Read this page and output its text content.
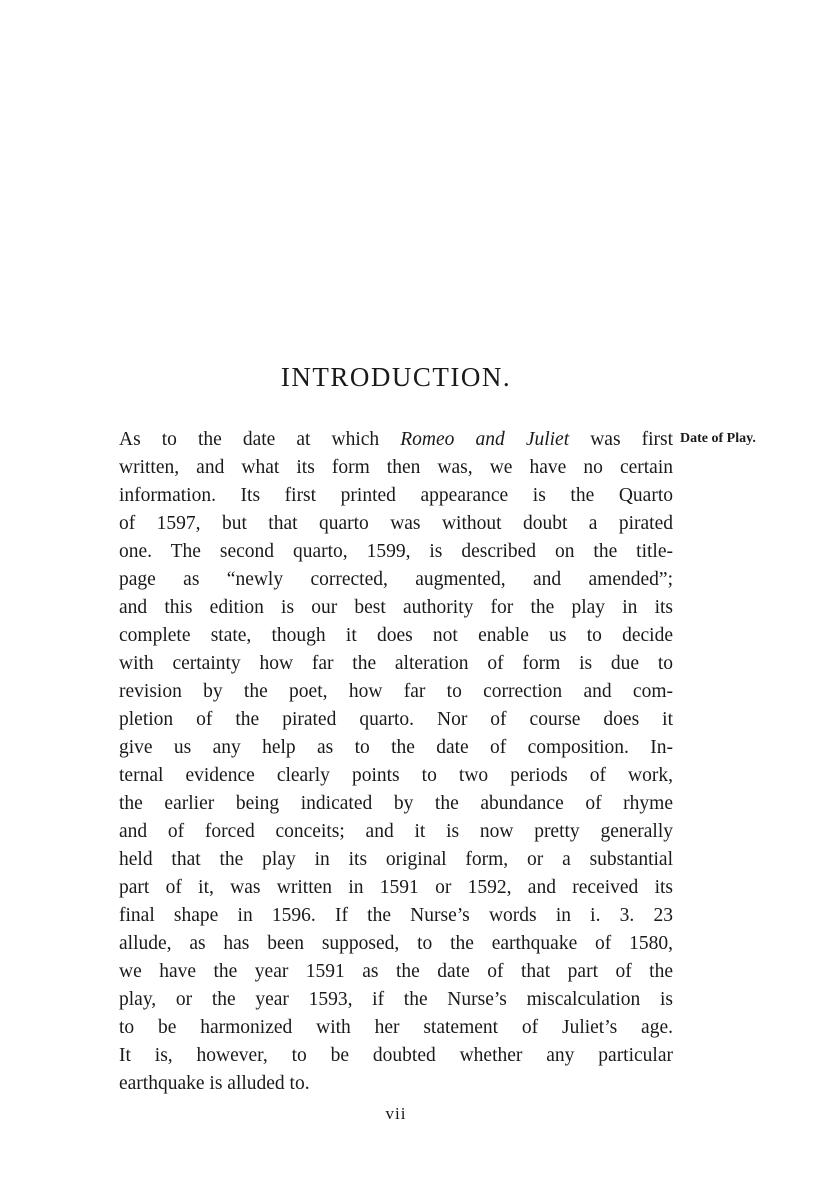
INTRODUCTION.

Date of Play.

As to the date at which Romeo and Juliet was first
written, and what its form then was, we have no certain
information. Its first printed appearance is the Quarto
of 1597, but that quarto was without doubt a pirated
one. The second quarto, 1599, is described on the title-
page as “newly corrected, augmented, and amended”;
and this edition is our best authority for the play in its
complete state, though it does not enable us to decide
with certainty how far the alteration of form is due to
revision by the poet, how far to correction and com-
pletion of the pirated quarto. Nor of course does it
give us any help as to the date of composition. In-
ternal evidence clearly points to two periods of work,
the earlier being indicated by the abundance of rhyme
and of forced conceits; and it is now pretty generally
held that the play in its original form, or a substantial
part of it, was written in 1591 or 1592, and received its
final shape in 1596. If the Nurse’s words in i. 3. 23
allude, as has been supposed, to the earthquake of 1580,
we have the year 1591 as the date of that part of the
play, or the year 1593, if the Nurse’s miscalculation is
to be harmonized with her statement of Juliet’s age.
It is, however, to be doubted whether any particular
earthquake is alluded to.

vii
